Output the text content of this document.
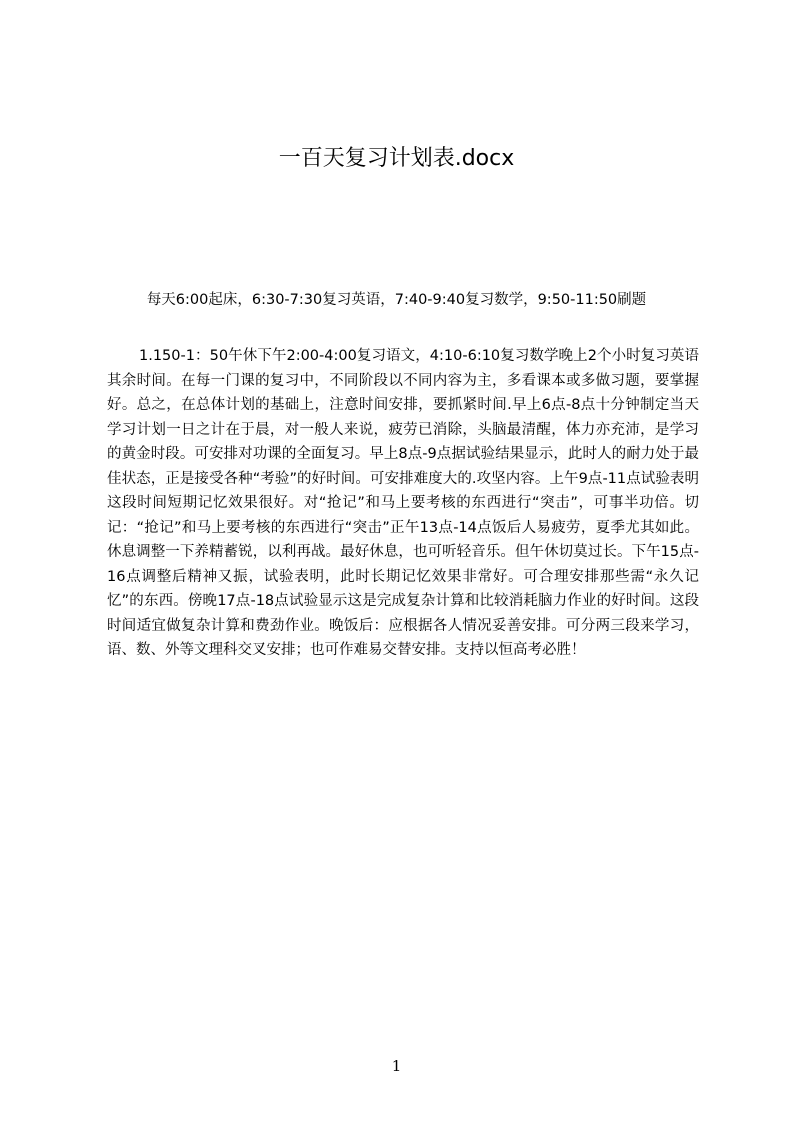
一百天复习计划表.docx
每天6:00起床，6:30-7:30复习英语，7:40-9:40复习数学，9:50-11:50刷题

1.150-1：50午休下午2:00-4:00复习语文，4:10-6:10复习数学晚上2个小时复习英语其余时间。在每一门课的复习中，不同阶段以不同内容为主，多看课本或多做习题，要掌握好。总之，在总体计划的基础上，注意时间安排，要抓紧时间.早上6点-8点十分钟制定当天学习计划一日之计在于晨，对一般人来说，疲劳已消除，头脑最清醒，体力亦充沛，是学习的黄金时段。可安排对功课的全面复习。早上8点-9点据试验结果显示，此时人的耐力处于最佳状态，正是接受各种“考验”的好时间。可安排难度大的.攻坚内容。上午9点-11点试验表明这段时间短期记忆效果很好。对“抢记”和马上要考核的东西进行“突击”，可事半功倍。切记：“抢记”和马上要考核的东西进行“突击”正午13点-14点饭后人易疲劳，夏季尤其如此。休息调整一下养精蓄锐，以利再战。最好休息，也可听轻音乐。但午休切莫过长。下午15点-16点调整后精神又振，试验表明，此时长期记忆效果非常好。可合理安排那些需“永久记忆”的东西。傍晚17点-18点试验显示这是完成复杂计算和比较消耗脑力作业的好时间。这段时间适宜做复杂计算和费劲作业。晚饭后：应根据各人情况妥善安排。可分两三段来学习，语、数、外等文理科交叉安排；也可作难易交替安排。支持以恒高考必胜！

1
